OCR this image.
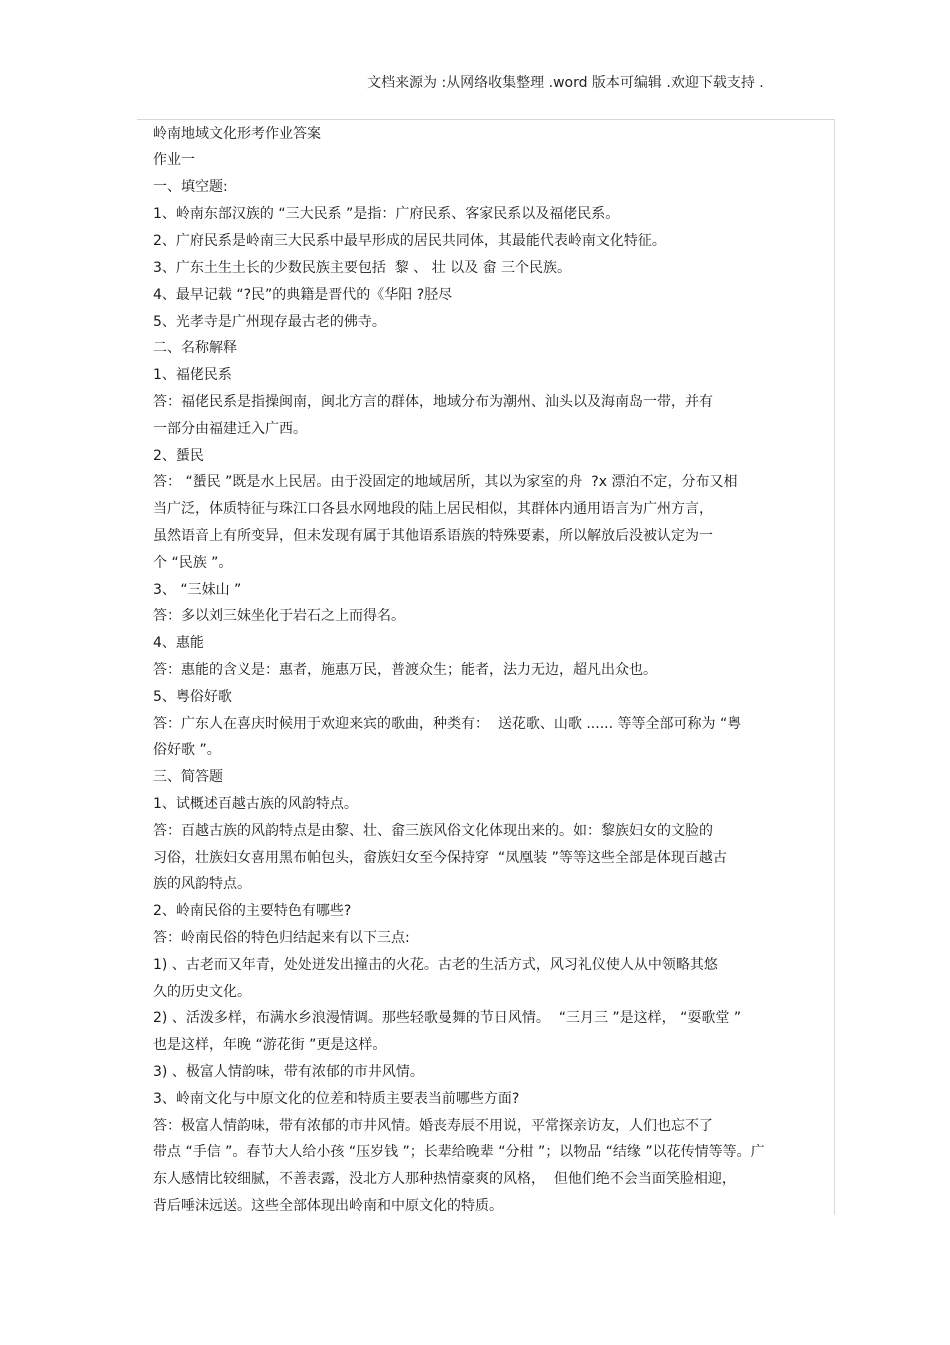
文档来源为 :从网络收集整理 .word 版本可编辑 .欢迎下载支持 .
岭南地域文化形考作业答案
作业一
一、填空题:
1、岭南东部汉族的 “三大民系 ”是指：广府民系、客家民系以及福佬民系。
2、广府民系是岭南三大民系中最早形成的居民共同体，其最能代表岭南文化特征。
3、广东土生土长的少数民族主要包括  黎 、 壮 以及 畲 三个民族。
4、最早记载 “?民”的典籍是晋代的《华阳 ?胫尽
5、光孝寺是广州现存最古老的佛寺。
二、名称解释
1、福佬民系
答：福佬民系是指操闽南，闽北方言的群体，地域分布为潮州、汕头以及海南岛一带，并有
一部分由福建迁入广西。
2、蜑民
答： “蜑民 ”既是水上民居。由于没固定的地域居所，其以为家室的舟  ?x 漂泊不定，分布又相
当广泛，体质特征与珠江口各县水网地段的陆上居民相似，其群体内通用语言为广州方言，
虽然语音上有所变异，但未发现有属于其他语系语族的特殊要素，所以解放后没被认定为一
个 “民族 ”。
3、 “三妹山 ”
答：多以刘三妹坐化于岩石之上而得名。
4、惠能
答：惠能的含义是：惠者，施惠万民，普渡众生；能者，法力无边，超凡出众也。
5、粤俗好歌
答：广东人在喜庆时候用于欢迎来宾的歌曲，种类有：  送花歌、山歌 ...... 等等全部可称为 “粤
俗好歌 ”。
三、简答题
1、试概述百越古族的风韵特点。
答：百越古族的风韵特点是由黎、壮、畲三族风俗文化体现出来的。如：黎族妇女的文脸的
习俗，壮族妇女喜用黑布帕包头，畲族妇女至今保持穿  “凤凰装 ”等等这些全部是体现百越古
族的风韵特点。
2、岭南民俗的主要特色有哪些?
答：岭南民俗的特色归结起来有以下三点:
1) 、古老而又年青，处处迸发出撞击的火花。古老的生活方式，风习礼仪使人从中领略其悠
久的历史文化。
2) 、活泼多样，布满水乡浪漫情调。那些轻歌曼舞的节日风情。  “三月三 ”是这样， “耍歌堂 ”
也是这样，年晚 “游花街 ”更是这样。
3) 、极富人情韵味，带有浓郁的市井风情。
3、岭南文化与中原文化的位差和特质主要表当前哪些方面?
答：极富人情韵味，带有浓郁的市井风情。婚丧寿辰不用说，平常探亲访友，人们也忘不了
带点 “手信 ”。春节大人给小孩 “压岁钱 ”；长辈给晚辈 “分柑 ”；以物品 “结缘 ”以花传情等等。广
东人感情比较细腻，不善表露，没北方人那种热情豪爽的风格，  但他们绝不会当面笑脸相迎，
背后唾沫远送。这些全部体现出岭南和中原文化的特质。
